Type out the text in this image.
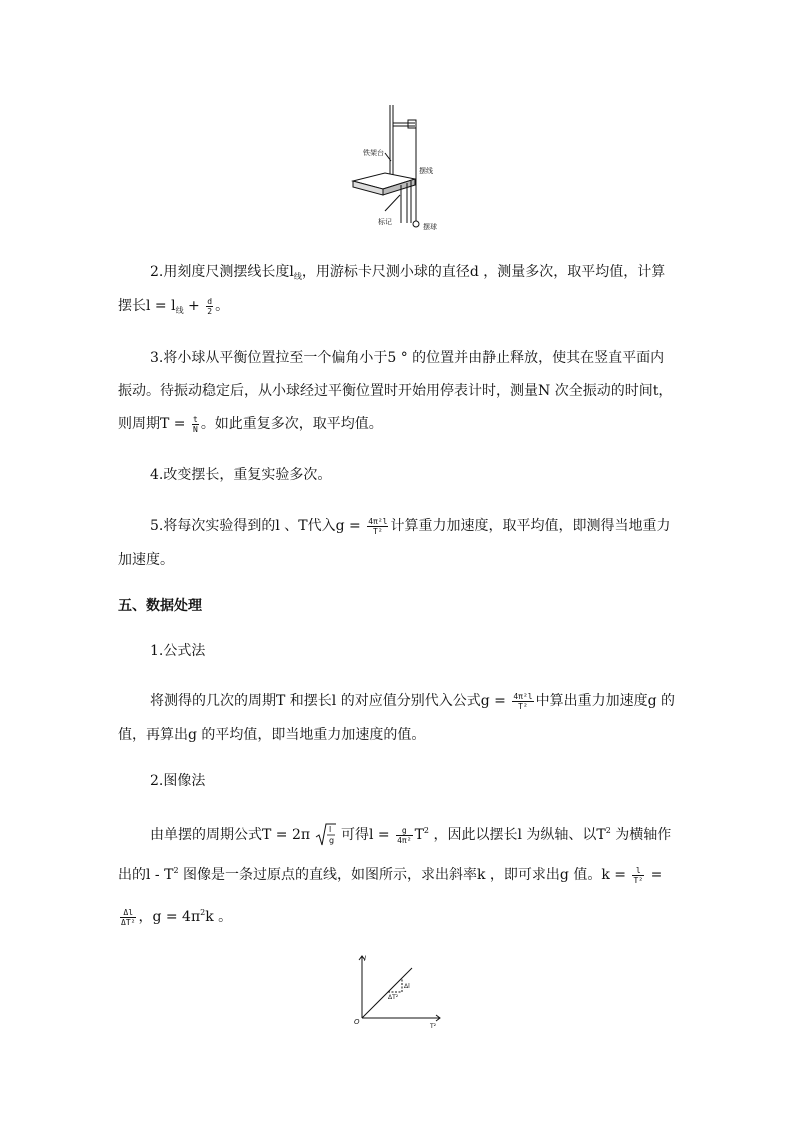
铁架台
摆线
标记
摆球
2.用刻度尺测摆线长度$l_线$，用游标卡尺测小球的直径d ，测量多次，取平均值，计算
摆长$l = l_线 + \frac{d}{2}$ 。
3.将小球从平衡位置拉至一个偏角小于5 ° 的位置并由静止释放，使其在竖直平面内
振动。待振动稳定后，从小球经过平衡位置时开始用停表计时，测量N 次全振动的时间t，
则周期$T = \frac{t}{N}$ 。如此重复多次，取平均值。
4.改变摆长，重复实验多次。
5.将每次实验得到的l 、T代入$g = \frac{\text{4π²l}}{\text{T²}}$ 计算重力加速度，取平均值，即测得当地重力
加速度。
五、数据处理
1.公式法
将测得的几次的周期T 和摆长l 的对应值分别代入公式$g = \frac{\text{4π²l}}{\text{T²}}$ 中算出重力加速度g 的
值，再算出g 的平均值，即当地重力加速度的值。
2.图像法
由单摆的周期公式T = 2π l
g 可得$l = \frac{g}{\text{4π²}} T^2$ ，因此以摆长l 为纵轴、以$T^2$ 为横轴作
出的l - $T^2$ 图像是一条过原点的直线，如图所示，求出斜率k ，即可求出g 值。$k = \frac{l}{\text{T²}}$ =
$\frac{\Delta l}{\text{ΔT²}}$ ，$g = 4\pi^2k$ 。
l
T²
O
Δl
ΔT²
